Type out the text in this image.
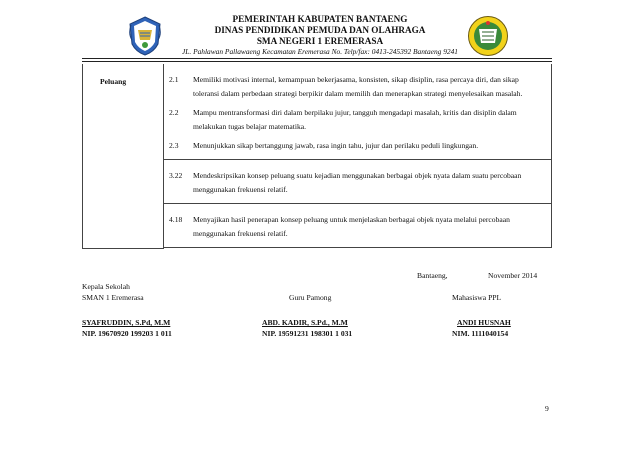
PEMERINTAH KABUPATEN BANTAENG
DINAS PENDIDIKAN PEMUDA DAN OLAHRAGA
SMA NEGERI 1 EREMERASA
JL. Pahlawan Pallawaeng Kecamatan Eremerasa No. Telp/fax: 0413-245392 Bantaeng 9241
Peluang	2.1	Memiliki motivasi internal, kemampuan bekerjasama, konsisten, sikap disiplin, rasa percaya diri, dan sikap toleransi dalam perbedaan strategi berpikir dalam memilih dan menerapkan strategi menyelesaikan masalah.
2.2	Mampu mentransformasi diri dalam berpilaku jujur, tangguh mengadapi masalah, kritis dan disiplin dalam melakukan tugas belajar matematika.
2.3	Menunjukkan sikap bertanggung jawab, rasa ingin tahu, jujur dan perilaku peduli lingkungan.
3.22	Mendeskripsikan konsep peluang suatu kejadian menggunakan berbagai objek nyata dalam suatu percobaan menggunakan frekuensi relatif.
4.18	Menyajikan hasil penerapan konsep peluang untuk menjelaskan berbagai objek nyata melalui percobaan menggunakan frekuensi relatif.
Bantaeng,	November 2014
Kepala Sekolah
SMAN 1 Eremerasa	Guru Pamong	Mahasiswa PPL
SYAFRUDDIN, S.Pd, M.M
NIP. 19670920 199203 1 011
ABD. KADIR, S.Pd., M.M
NIP. 19591231 198301 1 031
ANDI HUSNAH
NIM. 1111040154
9
